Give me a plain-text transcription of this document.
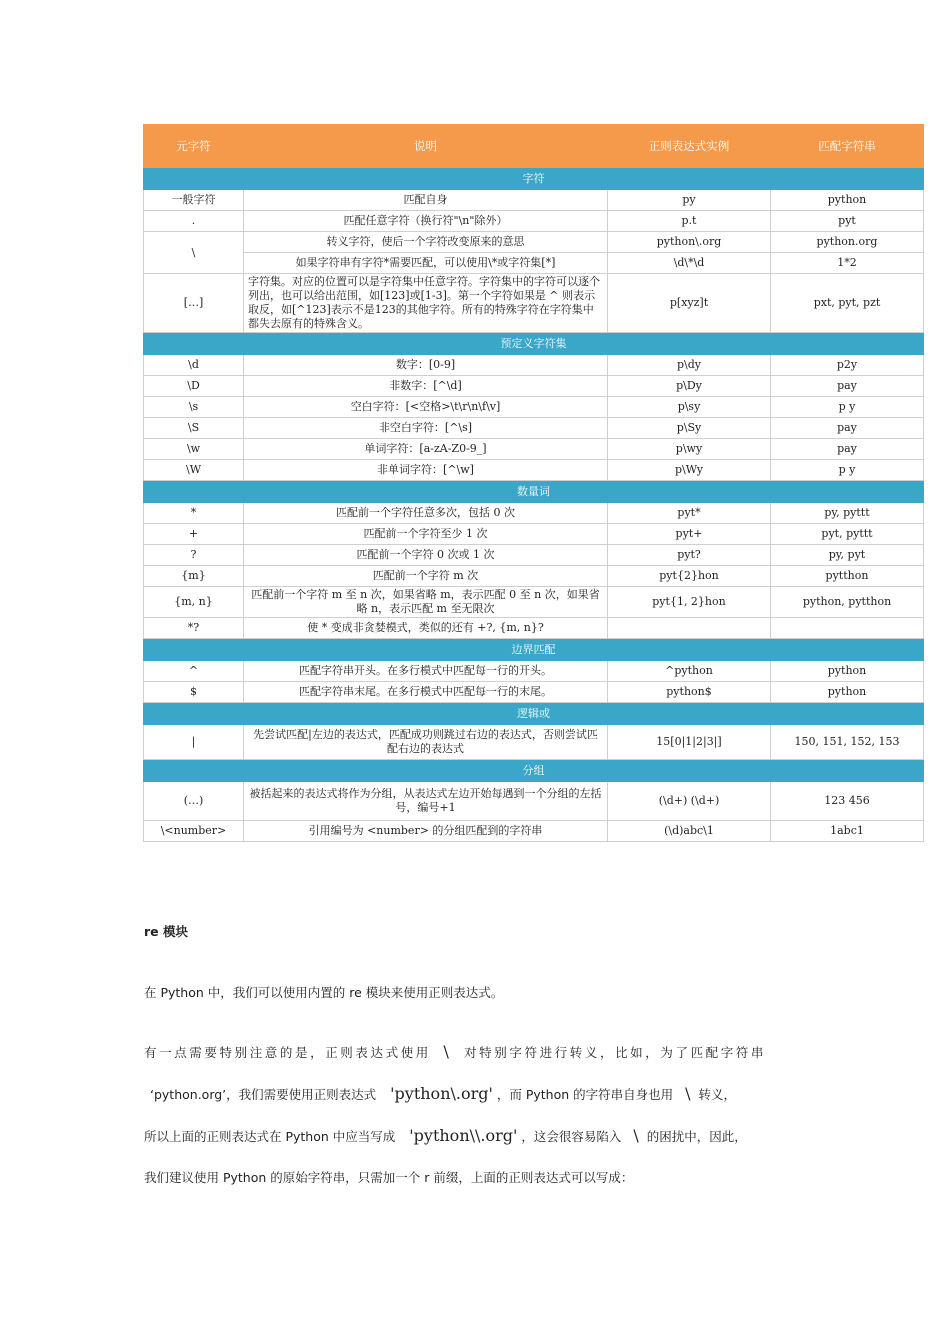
元字符	说明	正则表达式实例	匹配字符串
字符			
一般字符	匹配自身	py	python
.	匹配任意字符（换行符"\n"除外）	p.t	pyt
\	转义字符，使后一个字符改变原来的意思	python\.org	python.org
	如果字符串有字符*需要匹配，可以使用\*或字符集[*]	\d\*\d	1*2
[…]	字符集。对应的位置可以是字符集中任意字符。字符集中的字符可以逐个列出，也可以给出范围，如[123]或[1-3]。第一个字符如果是 ^ 则表示取反，如[^123]表示不是123的其他字符。所有的特殊字符在字符集中都失去原有的特殊含义。	p[xyz]t	pxt, pyt, pzt
预定义字符集			
\d	数字：[0-9]	p\dy	p2y
\D	非数字：[^\d]	p\Dy	pay
\s	空白字符：[<空格>\t\r\n\f\v]	p\sy	p y
\S	非空白字符：[^\s]	p\Sy	pay
\w	单词字符：[a-zA-Z0-9_]	p\wy	pay
\W	非单词字符：[^\w]	p\Wy	p y
数量词			
*	匹配前一个字符任意多次，包括 0 次	pyt*	py, pyttt
+	匹配前一个字符至少 1 次	pyt+	pyt, pyttt
?	匹配前一个字符 0 次或 1 次	pyt?	py, pyt
{m}	匹配前一个字符 m 次	pyt{2}hon	pytthon
{m, n}	匹配前一个字符 m 至 n 次，如果省略 m，表示匹配 0 至 n 次，如果省略 n，表示匹配 m 至无限次	pyt{1, 2}hon	python, pytthon
*?	使 * 变成非贪婪模式，类似的还有 +?, {m, n}?		
边界匹配			
^	匹配字符串开头。在多行模式中匹配每一行的开头。	^python	python
$	匹配字符串末尾。在多行模式中匹配每一行的末尾。	python$	python
逻辑或			
|	先尝试匹配|左边的表达式，匹配成功则跳过右边的表达式，否则尝试匹配右边的表达式	15[0|1|2|3|]	150, 151, 152, 153
分组			
(…)	被括起来的表达式将作为分组，从表达式左边开始每遇到一个分组的左括号，编号+1	(\d+) (\d+)	123 456
\<number>	引用编号为 <number> 的分组匹配到的字符串	(\d)abc\1	1abc1
re 模块
在 Python 中，我们可以使用内置的 re 模块来使用正则表达式。
有一点需要特别注意的是，正则表达式使用 \ 对特别字符进行转义，比如，为了匹配字符串
‘python.org’，我们需要使用正则表达式 'python\.org' ，而 Python 的字符串自身也用 \ 转义，
所以上面的正则表达式在 Python 中应当写成 'python\\.org' ，这会很容易陷入 \ 的困扰中，因此，
我们建议使用 Python 的原始字符串，只需加一个 r 前缀，上面的正则表达式可以写成：
